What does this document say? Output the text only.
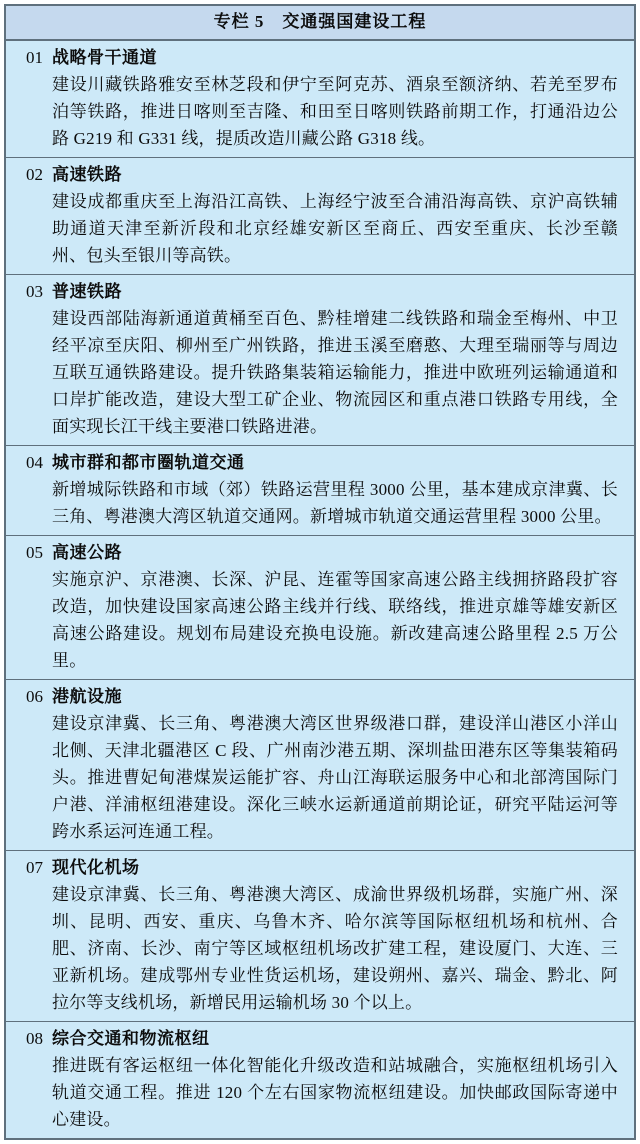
专栏 5　交通强国建设工程
01 战略骨干通道
建设川藏铁路雅安至林芝段和伊宁至阿克苏、酒泉至额济纳、若羌至罗布泊等铁路，推进日喀则至吉隆、和田至日喀则铁路前期工作，打通沿边公路 G219 和 G331 线，提质改造川藏公路 G318 线。
02 高速铁路
建设成都重庆至上海沿江高铁、上海经宁波至合浦沿海高铁、京沪高铁辅助通道天津至新沂段和北京经雄安新区至商丘、西安至重庆、长沙至赣州、包头至银川等高铁。
03 普速铁路
建设西部陆海新通道黄桶至百色、黔桂增建二线铁路和瑞金至梅州、中卫经平凉至庆阳、柳州至广州铁路，推进玉溪至磨憨、大理至瑞丽等与周边互联互通铁路建设。提升铁路集装箱运输能力，推进中欧班列运输通道和口岸扩能改造，建设大型工矿企业、物流园区和重点港口铁路专用线，全面实现长江干线主要港口铁路进港。
04 城市群和都市圈轨道交通
新增城际铁路和市域（郊）铁路运营里程 3000 公里，基本建成京津冀、长三角、粤港澳大湾区轨道交通网。新增城市轨道交通运营里程 3000 公里。
05 高速公路
实施京沪、京港澳、长深、沪昆、连霍等国家高速公路主线拥挤路段扩容改造，加快建设国家高速公路主线并行线、联络线，推进京雄等雄安新区高速公路建设。规划布局建设充换电设施。新改建高速公路里程 2.5 万公里。
06 港航设施
建设京津冀、长三角、粤港澳大湾区世界级港口群，建设洋山港区小洋山北侧、天津北疆港区 C 段、广州南沙港五期、深圳盐田港东区等集装箱码头。推进曹妃甸港煤炭运能扩容、舟山江海联运服务中心和北部湾国际门户港、洋浦枢纽港建设。深化三峡水运新通道前期论证，研究平陆运河等跨水系运河连通工程。
07 现代化机场
建设京津冀、长三角、粤港澳大湾区、成渝世界级机场群，实施广州、深圳、昆明、西安、重庆、乌鲁木齐、哈尔滨等国际枢纽机场和杭州、合肥、济南、长沙、南宁等区域枢纽机场改扩建工程，建设厦门、大连、三亚新机场。建成鄂州专业性货运机场，建设朔州、嘉兴、瑞金、黔北、阿拉尔等支线机场，新增民用运输机场 30 个以上。
08 综合交通和物流枢纽
推进既有客运枢纽一体化智能化升级改造和站城融合，实施枢纽机场引入轨道交通工程。推进 120 个左右国家物流枢纽建设。加快邮政国际寄递中心建设。
